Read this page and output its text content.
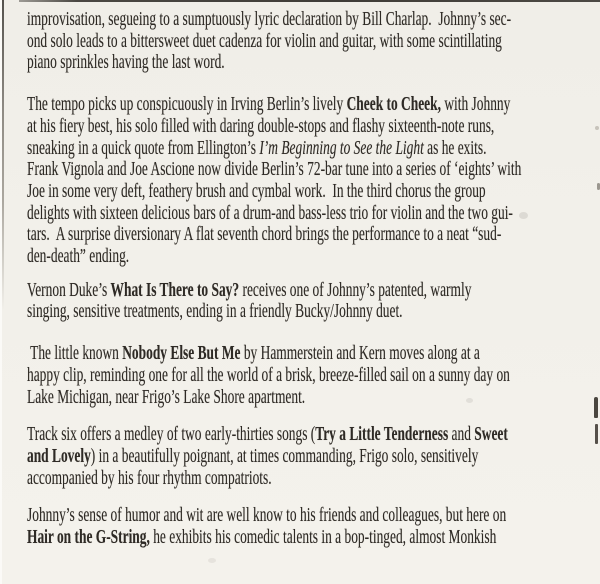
improvisation, segueing to a sumptuously lyric declaration by Bill Charlap.  Johnny’s sec-
ond solo leads to a bittersweet duet cadenza for violin and guitar, with some scintillating
piano sprinkles having the last word.

The tempo picks up conspicuously in Irving Berlin’s lively Cheek to Cheek, with Johnny
at his fiery best, his solo filled with daring double-stops and flashy sixteenth-note runs,
sneaking in a quick quote from Ellington’s I’m Beginning to See the Light as he exits.
Frank Vignola and Joe Ascione now divide Berlin’s 72-bar tune into a series of ‘eights’ with
Joe in some very deft, feathery brush and cymbal work.  In the third chorus the group
delights with sixteen delicious bars of a drum-and bass-less trio for violin and the two gui-
tars.  A surprise diversionary A flat seventh chord brings the performance to a neat “sud-
den-death” ending.

Vernon Duke’s What Is There to Say? receives one of Johnny’s patented, warmly
singing, sensitive treatments, ending in a friendly Bucky/Johnny duet.

The little known Nobody Else But Me by Hammerstein and Kern moves along at a
happy clip, reminding one for all the world of a brisk, breeze-filled sail on a sunny day on
Lake Michigan, near Frigo’s Lake Shore apartment.

Track six offers a medley of two early-thirties songs (Try a Little Tenderness and Sweet
and Lovely) in a beautifully poignant, at times commanding, Frigo solo, sensitively
accompanied by his four rhythm compatriots.

Johnny’s sense of humor and wit are well know to his friends and colleagues, but here on
Hair on the G-String, he exhibits his comedic talents in a bop-tinged, almost Monkish
